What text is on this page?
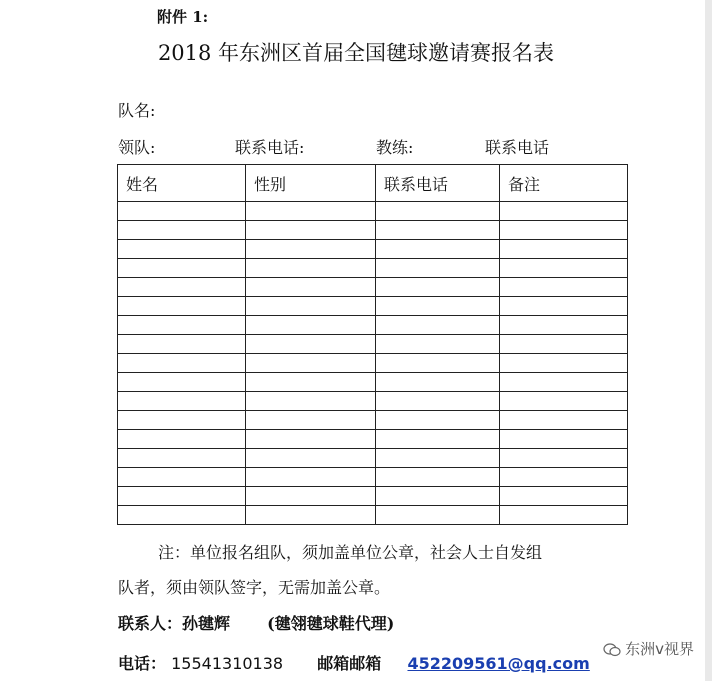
附件 1:
2018 年东洲区首届全国毽球邀请赛报名表
队名:
领队:	联系电话:	教练:	联系电话
姓名	性别	联系电话	备注

注：单位报名组队，须加盖单位公章，社会人士自发组
队者，须由领队签字，无需加盖公章。
联系人：孙毽辉 (毽翎毽球鞋代理)
电话： 15541310138 邮箱邮箱 452209561@qq.com
东洲v视界
